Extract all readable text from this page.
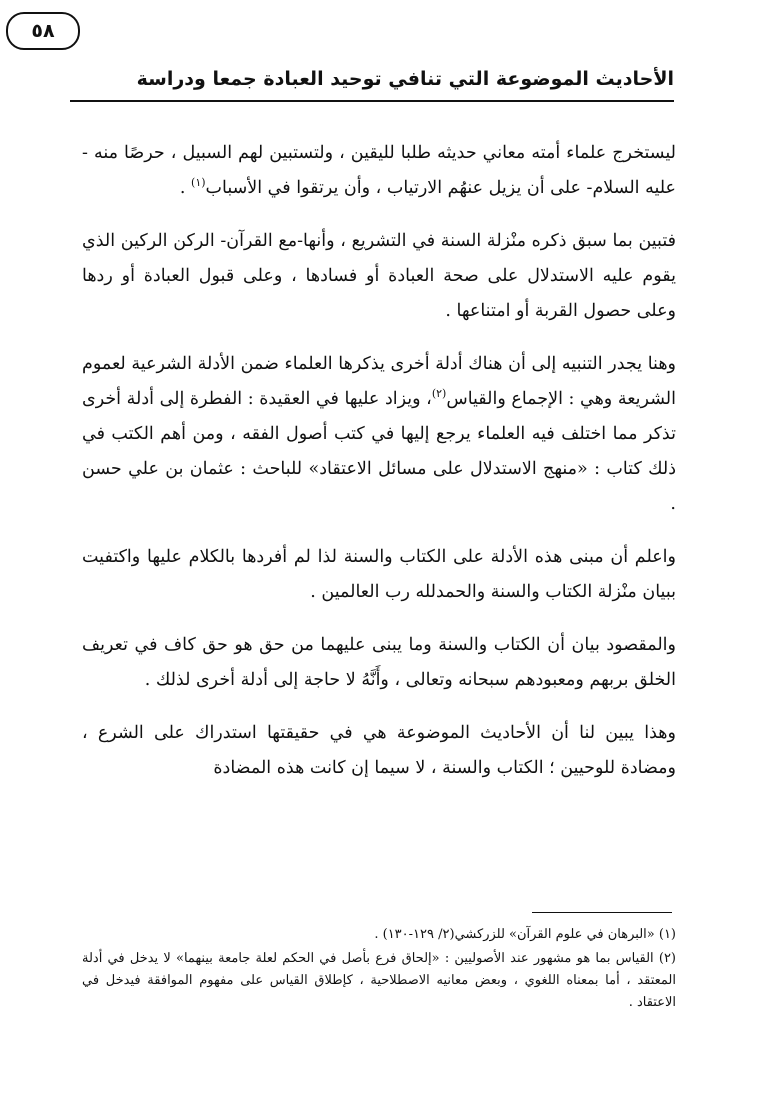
الأحاديث الموضوعة التي تنافي توحيد العبادة جمعا ودراسة
٥٨

ليستخرج علماء أمته معاني حديثه طلبا لليقين ، ولتستبين لهم السبيل ، حرصًا منه - عليه السلام- على أن يزيل عنهُم الارتياب ، وأن يرتقوا في الأسباب$^{(١)}$ .

فتبين بما سبق ذكره منْزلة السنة في التشريع ، وأنها-مع القرآن- الركن الركين الذي يقوم عليه الاستدلال على صحة العبادة أو فسادها ، وعلى قبول العبادة أو ردها وعلى حصول القربة أو امتناعها .

وهنا يجدر التنبيه إلى أن هناك أدلة أخرى يذكرها العلماء ضمن الأدلة الشرعية لعموم الشريعة وهي : الإجماع والقياس$^{(٢)}$، ويزاد عليها في العقيدة : الفطرة إلى أدلة أخرى تذكر مما اختلف فيه العلماء يرجع إليها في كتب أصول الفقه ، ومن أهم الكتب في ذلك كتاب : «منهج الاستدلال على مسائل الاعتقاد» للباحث : عثمان بن علي حسن .

واعلم أن مبنى هذه الأدلة على الكتاب والسنة لذا لم أفردها بالكلام عليها واكتفيت ببيان منْزلة الكتاب والسنة والحمدلله رب العالمين .

والمقصود بيان أن الكتاب والسنة وما يبنى عليهما من حق هو حق كاف في تعريف الخلق بربهم ومعبودهم سبحانه وتعالى ، وأَنَّهُ لا حاجة إلى أدلة أخرى لذلك .

وهذا يبين لنا أن الأحاديث الموضوعة هي في حقيقتها استدراك على الشرع ، ومضادة للوحيين ؛ الكتاب والسنة ، لا سيما إن كانت هذه المضادة

(١) «البرهان في علوم القرآن» للزركشي(٢/ ١٢٩-١٣٠) .

(٢) القياس بما هو مشهور عند الأصوليين : «إلحاق فرع بأصل في الحكم لعلة جامعة بينهما» لا يدخل في أدلة المعتقد ، أما بمعناه اللغوي ، وبعض معانيه الاصطلاحية ، كإطلاق القياس على مفهوم الموافقة فيدخل في الاعتقاد .
